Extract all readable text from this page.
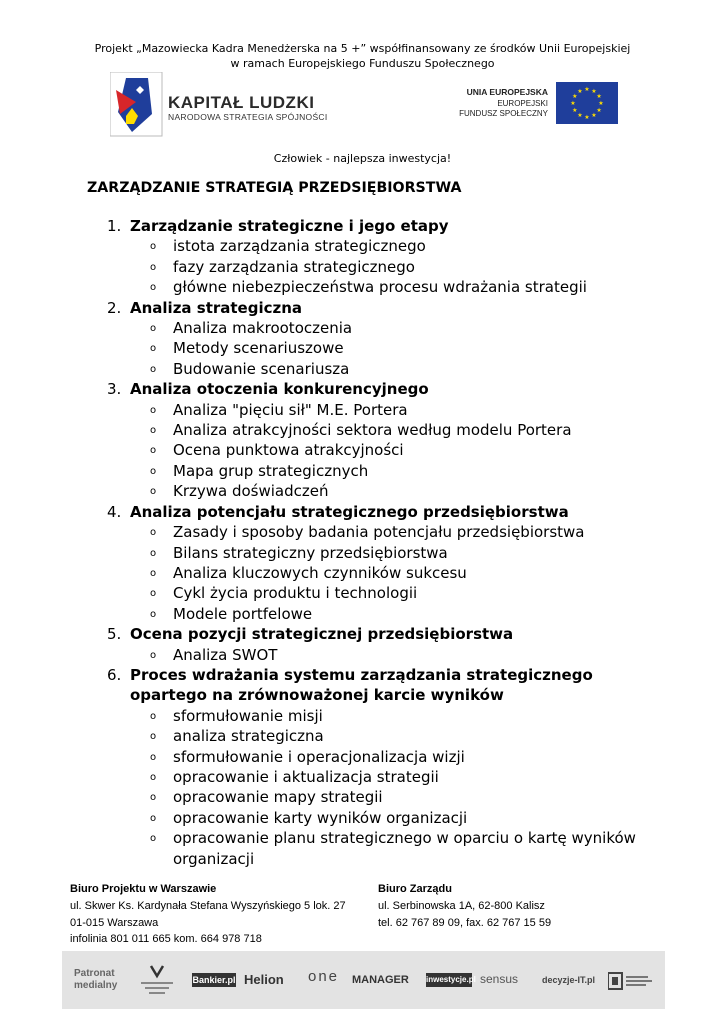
Projekt „Mazowiecka Kadra Menedżerska na 5 +” współfinansowany ze środków Unii Europejskiej
w ramach Europejskiego Funduszu Społecznego
KAPITAŁ LUDZKI
NARODOWA STRATEGIA SPÓJNOŚCI
UNIA EUROPEJSKA
EUROPEJSKI
FUNDUSZ SPOŁECZNY
★
★
★
★
★
★
★
★
★ ★ ★
★
Człowiek - najlepsza inwestycja!
ZARZĄDZANIE STRATEGIĄ PRZEDSIĘBIORSTWA
1. Zarządzanie strategiczne i jego etapy
o istota zarządzania strategicznego
o fazy zarządzania strategicznego
o główne niebezpieczeństwa procesu wdrażania strategii
2. Analiza strategiczna
o Analiza makrootoczenia
o Metody scenariuszowe
o Budowanie scenariusza
3. Analiza otoczenia konkurencyjnego
o Analiza "pięciu sił" M.E. Portera
o Analiza atrakcyjności sektora według modelu Portera
o Ocena punktowa atrakcyjności
o Mapa grup strategicznych
o Krzywa doświadczeń
4. Analiza potencjału strategicznego przedsiębiorstwa
o Zasady i sposoby badania potencjału przedsiębiorstwa
o Bilans strategiczny przedsiębiorstwa
o Analiza kluczowych czynników sukcesu
o Cykl życia produktu i technologii
o Modele portfelowe
5. Ocena pozycji strategicznej przedsiębiorstwa
o Analiza SWOT
6. Proces wdrażania systemu zarządzania strategicznego
opartego na zrównoważonej karcie wyników
o sformułowanie misji
o analiza strategiczna
o sformułowanie i operacjonalizacja wizji
o opracowanie i aktualizacja strategii
o opracowanie mapy strategii
o opracowanie karty wyników organizacji
o opracowanie planu strategicznego w oparciu o kartę wyników
organizacji
Biuro Projektu w Warszawie
ul. Skwer Ks. Kardynała Stefana Wyszyńskiego 5 lok. 27
01-015 Warszawa
infolinia 801 011 665 kom. 664 978 718
Biuro Zarządu
ul. Serbinowska 1A, 62-800 Kalisz
tel. 62 767 89 09, fax. 62 767 15 59
Patronat
medialny	Bankier.pl Helion one MANAGER inwestycje.pl sensus	decyzje-IT.pl
